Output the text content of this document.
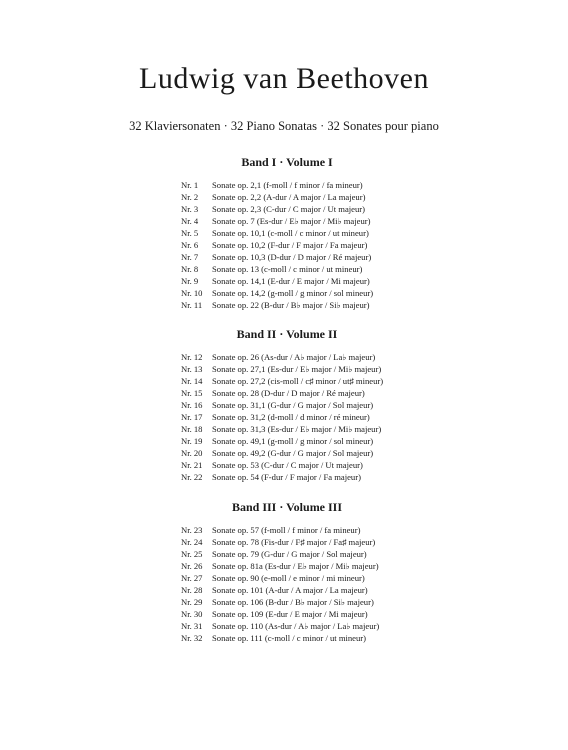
Ludwig van Beethoven

32 Klaviersonaten · 32 Piano Sonatas · 32 Sonates pour piano

Band I · Volume I
Nr. 1	Sonate op. 2,1 (f-moll / f minor / fa mineur)
Nr. 2	Sonate op. 2,2 (A-dur / A major / La majeur)
Nr. 3	Sonate op. 2,3 (C-dur / C major / Ut majeur)
Nr. 4	Sonate op. 7 (Es-dur / E♭ major / Mi♭ majeur)
Nr. 5	Sonate op. 10,1 (c-moll / c minor / ut mineur)
Nr. 6	Sonate op. 10,2 (F-dur / F major / Fa majeur)
Nr. 7	Sonate op. 10,3 (D-dur / D major / Ré majeur)
Nr. 8	Sonate op. 13 (c-moll / c minor / ut mineur)
Nr. 9	Sonate op. 14,1 (E-dur / E major / Mi majeur)
Nr. 10	Sonate op. 14,2 (g-moll / g minor / sol mineur)
Nr. 11	Sonate op. 22 (B-dur / B♭ major / Si♭ majeur)
Band II · Volume II
Nr. 12	Sonate op. 26 (As-dur / A♭ major / La♭ majeur)
Nr. 13	Sonate op. 27,1 (Es-dur / E♭ major / Mi♭ majeur)
Nr. 14	Sonate op. 27,2 (cis-moll / c♯ minor / ut♯ mineur)
Nr. 15	Sonate op. 28 (D-dur / D major / Ré majeur)
Nr. 16	Sonate op. 31,1 (G-dur / G major / Sol majeur)
Nr. 17	Sonate op. 31,2 (d-moll / d minor / ré mineur)
Nr. 18	Sonate op. 31,3 (Es-dur / E♭ major / Mi♭ majeur)
Nr. 19	Sonate op. 49,1 (g-moll / g minor / sol mineur)
Nr. 20	Sonate op. 49,2 (G-dur / G major / Sol majeur)
Nr. 21	Sonate op. 53 (C-dur / C major / Ut majeur)
Nr. 22	Sonate op. 54 (F-dur / F major / Fa majeur)
Band III · Volume III
Nr. 23	Sonate op. 57 (f-moll / f minor / fa mineur)
Nr. 24	Sonate op. 78 (Fis-dur / F♯ major / Fa♯ majeur)
Nr. 25	Sonate op. 79 (G-dur / G major / Sol majeur)
Nr. 26	Sonate op. 81a (Es-dur / E♭ major / Mi♭ majeur)
Nr. 27	Sonate op. 90 (e-moll / e minor / mi mineur)
Nr. 28	Sonate op. 101 (A-dur / A major / La majeur)
Nr. 29	Sonate op. 106 (B-dur / B♭ major / Si♭ majeur)
Nr. 30	Sonate op. 109 (E-dur / E major / Mi majeur)
Nr. 31	Sonate op. 110 (As-dur / A♭ major / La♭ majeur)
Nr. 32	Sonate op. 111 (c-moll / c minor / ut mineur)
